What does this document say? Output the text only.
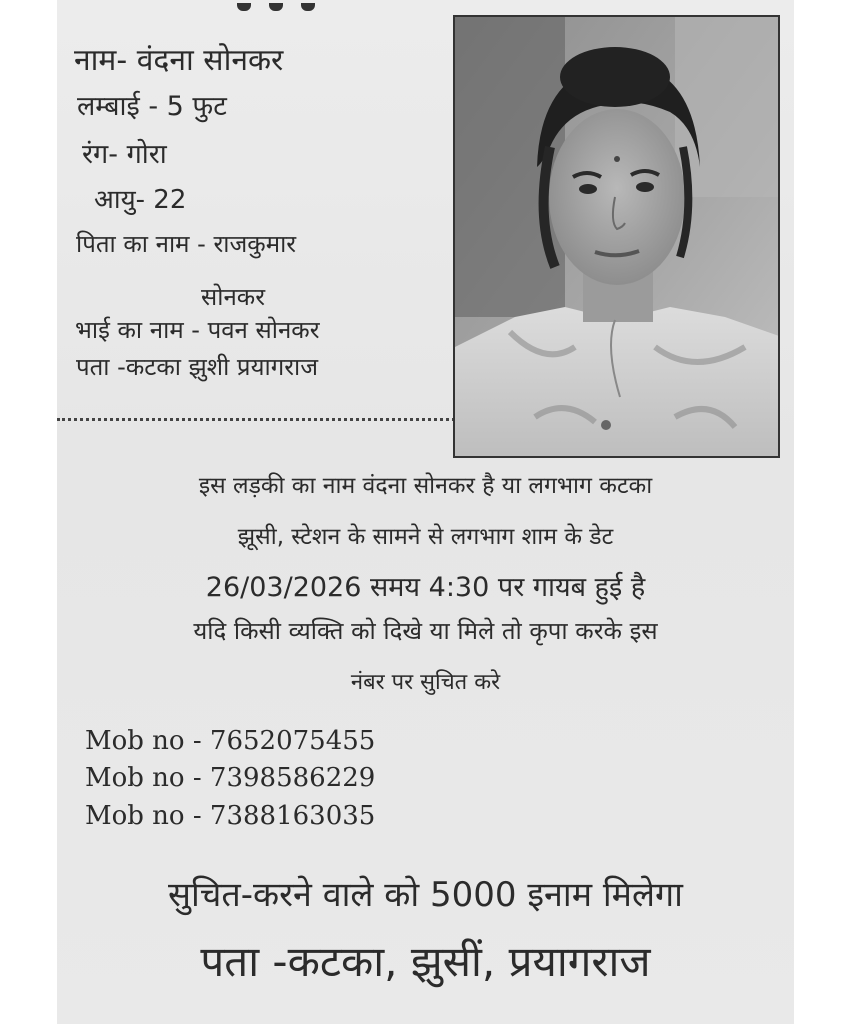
नाम- वंदना सोनकर
लम्बाई - 5 फुट
रंग- गोरा
आयु- 22
पिता का नाम - राजकुमार
सोनकर
भाई का नाम - पवन सोनकर
पता -कटका झुशी प्रयागराज
इस लड़की का नाम वंदना सोनकर है या लगभाग कटका
झूसी, स्टेशन के सामने से लगभाग शाम के डेट
26/03/2026 समय 4:30 पर गायब हुई है
यदि किसी व्यक्ति को दिखे या मिले तो कृपा करके इस
नंबर पर सुचित करे
Mob no - 7652075455
Mob no - 7398586229
Mob no - 7388163035
सुचित-करने वाले को 5000 इनाम मिलेगा
पता -कटका, झुसीं, प्रयागराज
